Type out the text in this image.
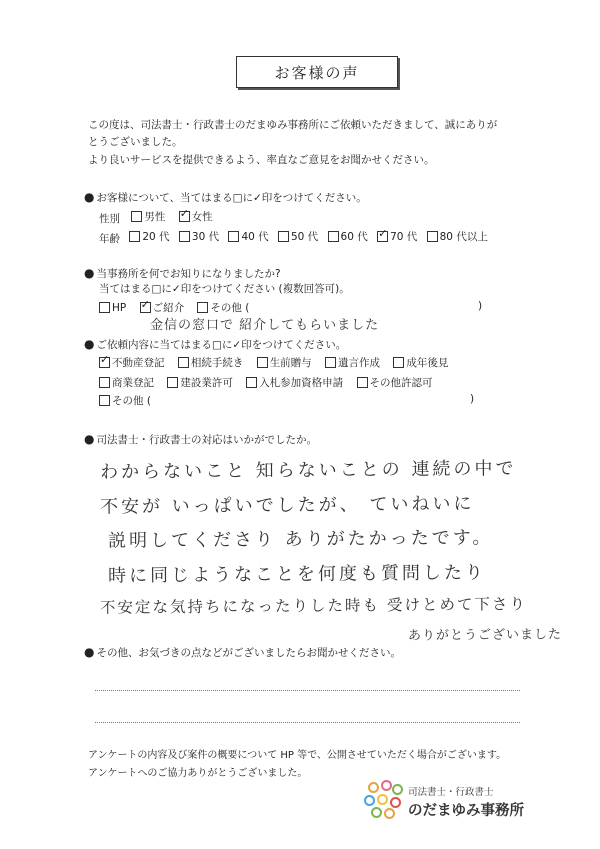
お客様の声
この度は、司法書士・行政書士のだまゆみ事務所にご依頼いただきまして、誠にありが
とうございました。
より良いサービスを提供できるよう、率直なご意見をお聞かせください。
● お客様について、当てはまる□に✓印をつけてください。
性別 男性
✓	女性
年齢 20 代
30 代
40 代
50 代
60 代
✓ 70 代
80 代以上
● 当事務所を何でお知りになりましたか?
当てはまる□に✓印をつけてください (複数回答可)。
HP
✓	ご紹介
	その他 (	)
金信の窓口で 紹介してもらいました
● ご依頼内容に当てはまる□に✓印をつけてください。
✓
不動産登記
	相続手続き
	生前贈与
	遺言作成
	成年後見
商業登記
	建設業許可
	入札参加資格申請
	その他許認可
その他 (	)
● 司法書士・行政書士の対応はいかがでしたか。
わからないこと 知らないことの 連続の中で
不安が いっぱいでしたが、 ていねいに
説明してくださり ありがたかったです。
時に同じようなことを何度も質問したり
不安定な気持ちになったりした時も 受けとめて下さり
ありがとうございました
● その他、お気づきの点などがございましたらお聞かせください。
アンケートの内容及び案件の概要について HP 等で、公開させていただく場合がございます。
アンケートへのご協力ありがとうございました。
司法書士・行政書士
のだまゆみ事務所
